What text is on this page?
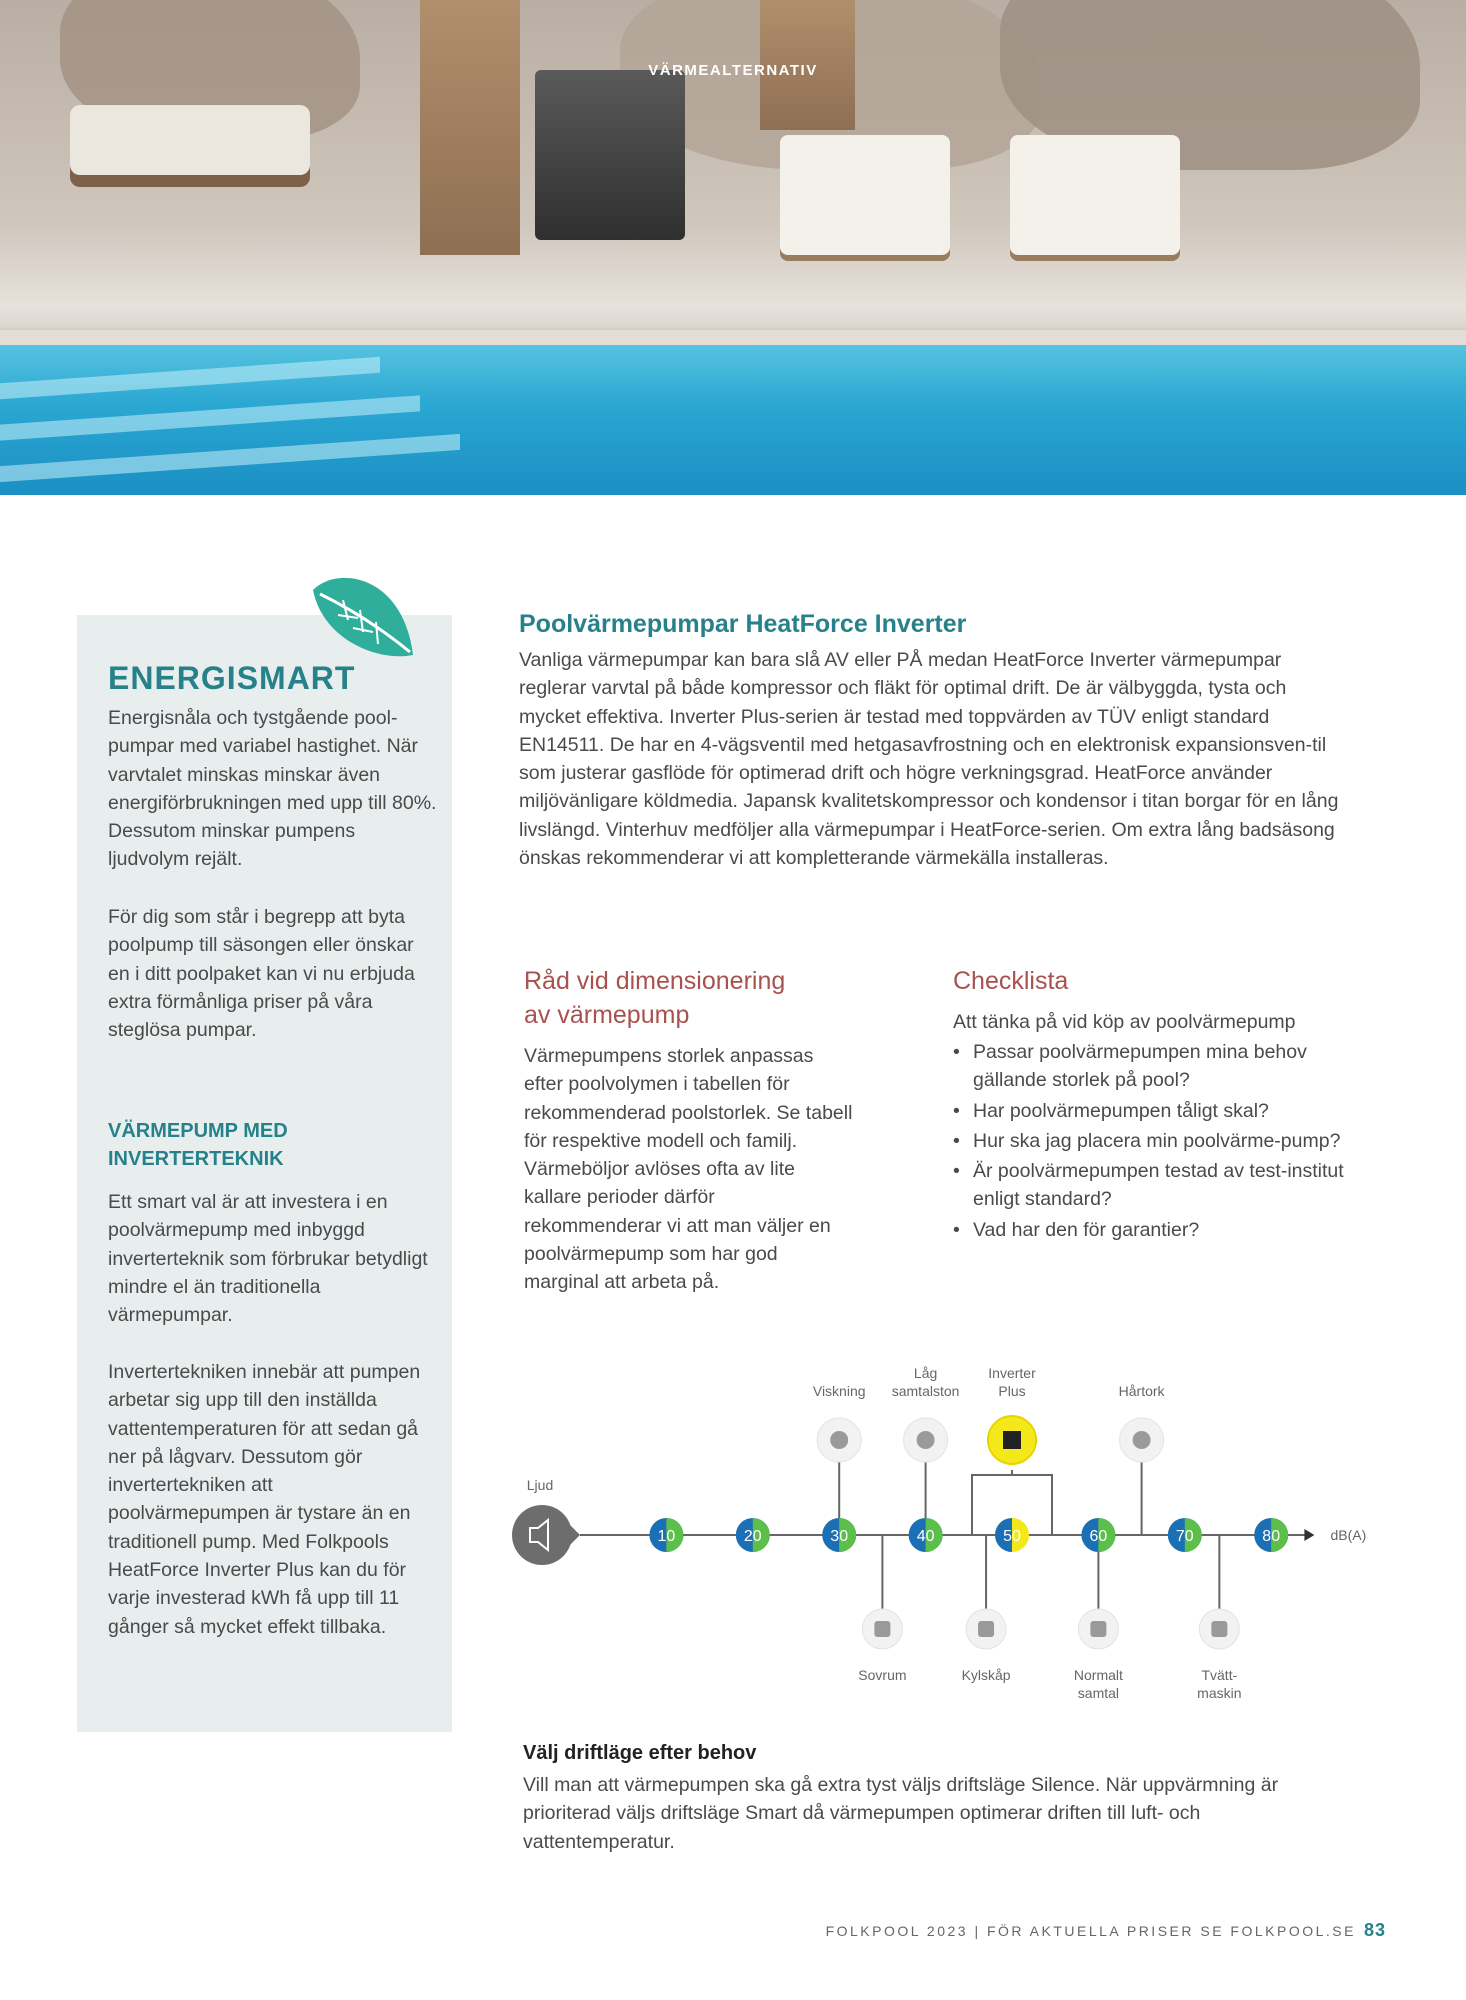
VÄRMEALTERNATIV
ENERGISMART

Energisnåla och tystgående pool-pumpar med variabel hastighet. När varvtalet minskas minskar även energiförbrukningen med upp till 80%. Dessutom minskar pumpens ljudvolym rejält.

För dig som står i begrepp att byta poolpump till säsongen eller önskar en i ditt poolpaket kan vi nu erbjuda extra förmånliga priser på våra steglösa pumpar.

VÄRMEPUMP MED INVERTERTEKNIK

Ett smart val är att investera i en poolvärmepump med inbyggd inverterteknik som förbrukar betydligt mindre el än traditionella värmepumpar.

Invertertekniken innebär att pumpen arbetar sig upp till den inställda vattentemperaturen för att sedan gå ner på lågvarv. Dessutom gör invertertekniken att poolvärmepumpen är tystare än en traditionell pump. Med Folkpools HeatForce Inverter Plus kan du för varje investerad kWh få upp till 11 gånger så mycket effekt tillbaka.

Poolvärmepumpar HeatForce Inverter

Vanliga värmepumpar kan bara slå AV eller PÅ medan HeatForce Inverter värmepumpar reglerar varvtal på både kompressor och fläkt för optimal drift. De är välbyggda, tysta och mycket effektiva. Inverter Plus-serien är testad med toppvärden av TÜV enligt standard EN14511. De har en 4-vägsventil med hetgasavfrostning och en elektronisk expansionsven-til som justerar gasflöde för optimerad drift och högre verkningsgrad. HeatForce använder miljövänligare köldmedia. Japansk kvalitetskompressor och kondensor i titan borgar för en lång livslängd. Vinterhuv medföljer alla värmepumpar i HeatForce-serien. Om extra lång badsäsong önskas rekommenderar vi att kompletterande värmekälla installeras.

Råd vid dimensionering
av värmepump

Värmepumpens storlek anpassas efter poolvolymen i tabellen för rekommenderad poolstorlek. Se tabell för respektive modell och familj. Värmeböljor avlöses ofta av lite kallare perioder därför rekommenderar vi att man väljer en poolvärmepump som har god marginal att arbeta på.

Checklista

Att tänka på vid köp av poolvärmepump

• Passar poolvärmepumpen mina behov gällande storlek på pool?
• Har poolvärmepumpen tåligt skal?
• Hur ska jag placera min poolvärme-pump?
• Är poolvärmepumpen testad av test-institut enligt standard?
• Vad har den för garantier?
dB(A)
Ljud
Viskning
Låg
samtalston
Inverter
Plus	Hårtork
Sovrum	Kylskåp	Normalt
samtal
Tvätt-
maskin
10	20	30	40	50	60	70	80
Välj driftläge efter behov

Vill man att värmepumpen ska gå extra tyst väljs driftsläge Silence. När uppvärmning är prioriterad väljs driftsläge Smart då värmepumpen optimerar driften till luft- och vattentemperatur.

FOLKPOOL 2023 | FÖR AKTUELLA PRISER SE FOLKPOOL.SE 83
